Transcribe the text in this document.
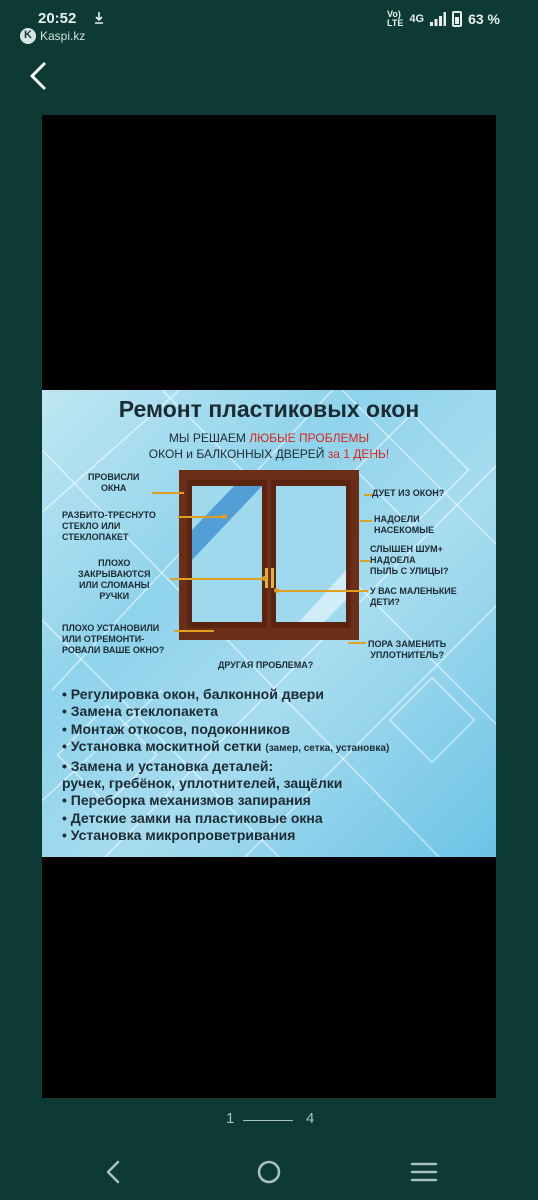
20:52
K
Kaspi.kz
Vo)
LTE 4G	63 %
Ремонт пластиковых окон
МЫ РЕШАЕМ ЛЮБЫЕ ПРОБЛЕМЫ
ОКОН и БАЛКОННЫХ ДВЕРЕЙ за 1 ДЕНЬ!
ПРОВИСЛИ
ОКНА
РАЗБИТО-ТРЕСНУТО
СТЕКЛО ИЛИ
СТЕКЛОПАКЕТ
ПЛОХО
ЗАКРЫВАЮТСЯ
ИЛИ СЛОМАНЫ
РУЧКИ
ПЛОХО УСТАНОВИЛИ
ИЛИ ОТРЕМОНТИ-
РОВАЛИ ВАШЕ ОКНО?
ДРУГАЯ ПРОБЛЕМА?
ДУЕТ ИЗ ОКОН?
НАДОЕЛИ
НАСЕКОМЫЕ
СЛЫШЕН ШУМ+
НАДОЕЛА
ПЫЛЬ С УЛИЦЫ?
У ВАС МАЛЕНЬКИЕ
ДЕТИ?
ПОРА ЗАМЕНИТЬ
УПЛОТНИТЕЛЬ?
• Регулировка окон, балконной двери
• Замена стеклопакета
• Монтаж откосов, подоконников
• Установка москитной сетки (замер, сетка, установка)
• Замена и установка деталей:
ручек, гребёнок, уплотнителей, защёлки
• Переборка механизмов запирания
• Детские замки на пластиковые окна
• Установка микропроветривания
1	4
